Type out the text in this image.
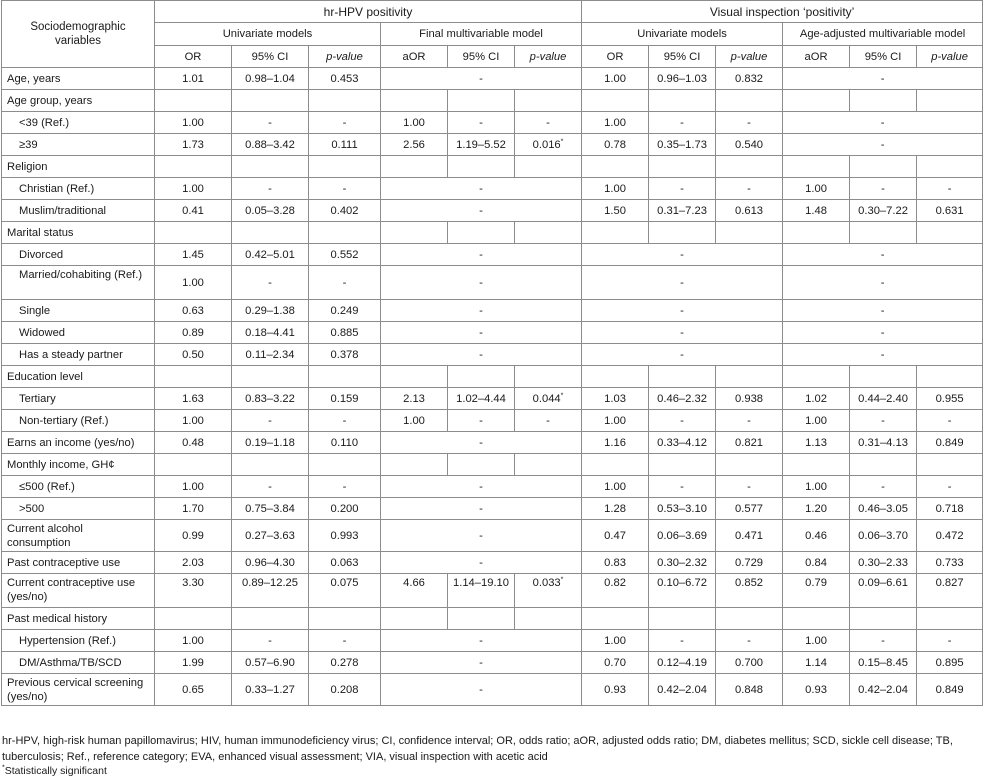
Sociodemographic variables	hr-HPV positivity						Visual inspection ‘positivity’					
	Univariate models			Final multivariable model			Univariate models			Age-adjusted multivariable model		
	OR	95% CI	p-value	aOR	95% CI	p-value	OR	95% CI	p-value	aOR	95% CI	p-value
Age, years	1.01	0.98–1.04	0.453	-			1.00	0.96–1.03	0.832	-		
Age group, years												
<39 (Ref.)	1.00	-	-	1.00	-	-	1.00	-	-	-		
≥39	1.73	0.88–3.42	0.111	2.56	1.19–5.52	0.016*	0.78	0.35–1.73	0.540	-		
Religion												
Christian (Ref.)	1.00	-	-	-			1.00	-	-	1.00	-	-
Muslim/traditional	0.41	0.05–3.28	0.402	-			1.50	0.31–7.23	0.613	1.48	0.30–7.22	0.631
Marital status												
Divorced	1.45	0.42–5.01	0.552	-			-			-		
Married/cohabiting (Ref.)	1.00	-	-	-			-			-		
Single	0.63	0.29–1.38	0.249	-			-			-		
Widowed	0.89	0.18–4.41	0.885	-			-			-		
Has a steady partner	0.50	0.11–2.34	0.378	-			-			-		
Education level												
Tertiary	1.63	0.83–3.22	0.159	2.13	1.02–4.44	0.044*	1.03	0.46–2.32	0.938	1.02	0.44–2.40	0.955
Non-tertiary (Ref.)	1.00	-	-	1.00	-	-	1.00	-	-	1.00	-	-
Earns an income (yes/no)	0.48	0.19–1.18	0.110	-			1.16	0.33–4.12	0.821	1.13	0.31–4.13	0.849
Monthly income, GH¢												
≤500 (Ref.)	1.00	-	-	-			1.00	-	-	1.00	-	-
>500	1.70	0.75–3.84	0.200	-			1.28	0.53–3.10	0.577	1.20	0.46–3.05	0.718
Current alcohol consumption	0.99	0.27–3.63	0.993	-			0.47	0.06–3.69	0.471	0.46	0.06–3.70	0.472
Past contraceptive use	2.03	0.96–4.30	0.063	-			0.83	0.30–2.32	0.729	0.84	0.30–2.33	0.733
Current contraceptive use (yes/no)	3.30	0.89–12.25	0.075	4.66	1.14–19.10	0.033*	0.82	0.10–6.72	0.852	0.79	0.09–6.61	0.827
Past medical history												
Hypertension (Ref.)	1.00	-	-	-			1.00	-	-	1.00	-	-
DM/Asthma/TB/SCD	1.99	0.57–6.90	0.278	-			0.70	0.12–4.19	0.700	1.14	0.15–8.45	0.895
Previous cervical screening (yes/no)	0.65	0.33–1.27	0.208	-			0.93	0.42–2.04	0.848	0.93	0.42–2.04	0.849

hr-HPV, high-risk human papillomavirus; HIV, human immunodeficiency virus; CI, confidence interval; OR, odds ratio; aOR, adjusted odds ratio; DM, diabetes mellitus; SCD, sickle cell disease; TB, tuberculosis; Ref., reference category; EVA, enhanced visual assessment; VIA, visual inspection with acetic acid

*Statistically significant
